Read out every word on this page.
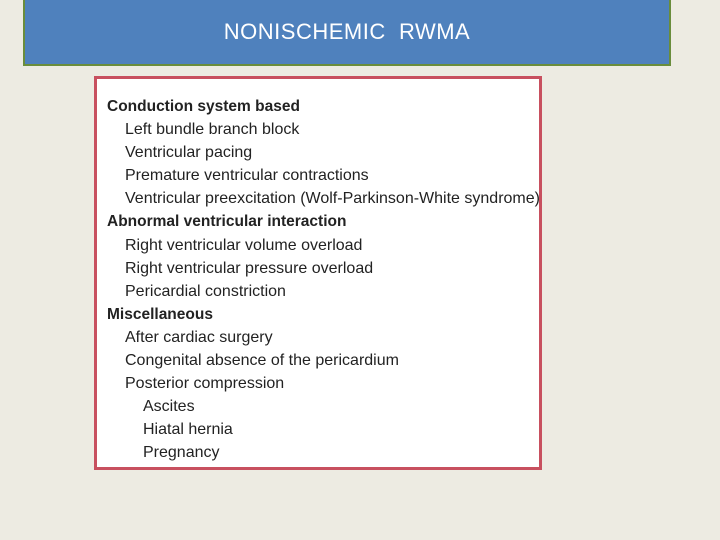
NONISCHEMIC  RWMA
Conduction system based
Left bundle branch block
Ventricular pacing
Premature ventricular contractions
Ventricular preexcitation (Wolf-Parkinson-White syndrome)
Abnormal ventricular interaction
Right ventricular volume overload
Right ventricular pressure overload
Pericardial constriction
Miscellaneous
After cardiac surgery
Congenital absence of the pericardium
Posterior compression
Ascites
Hiatal hernia
Pregnancy
